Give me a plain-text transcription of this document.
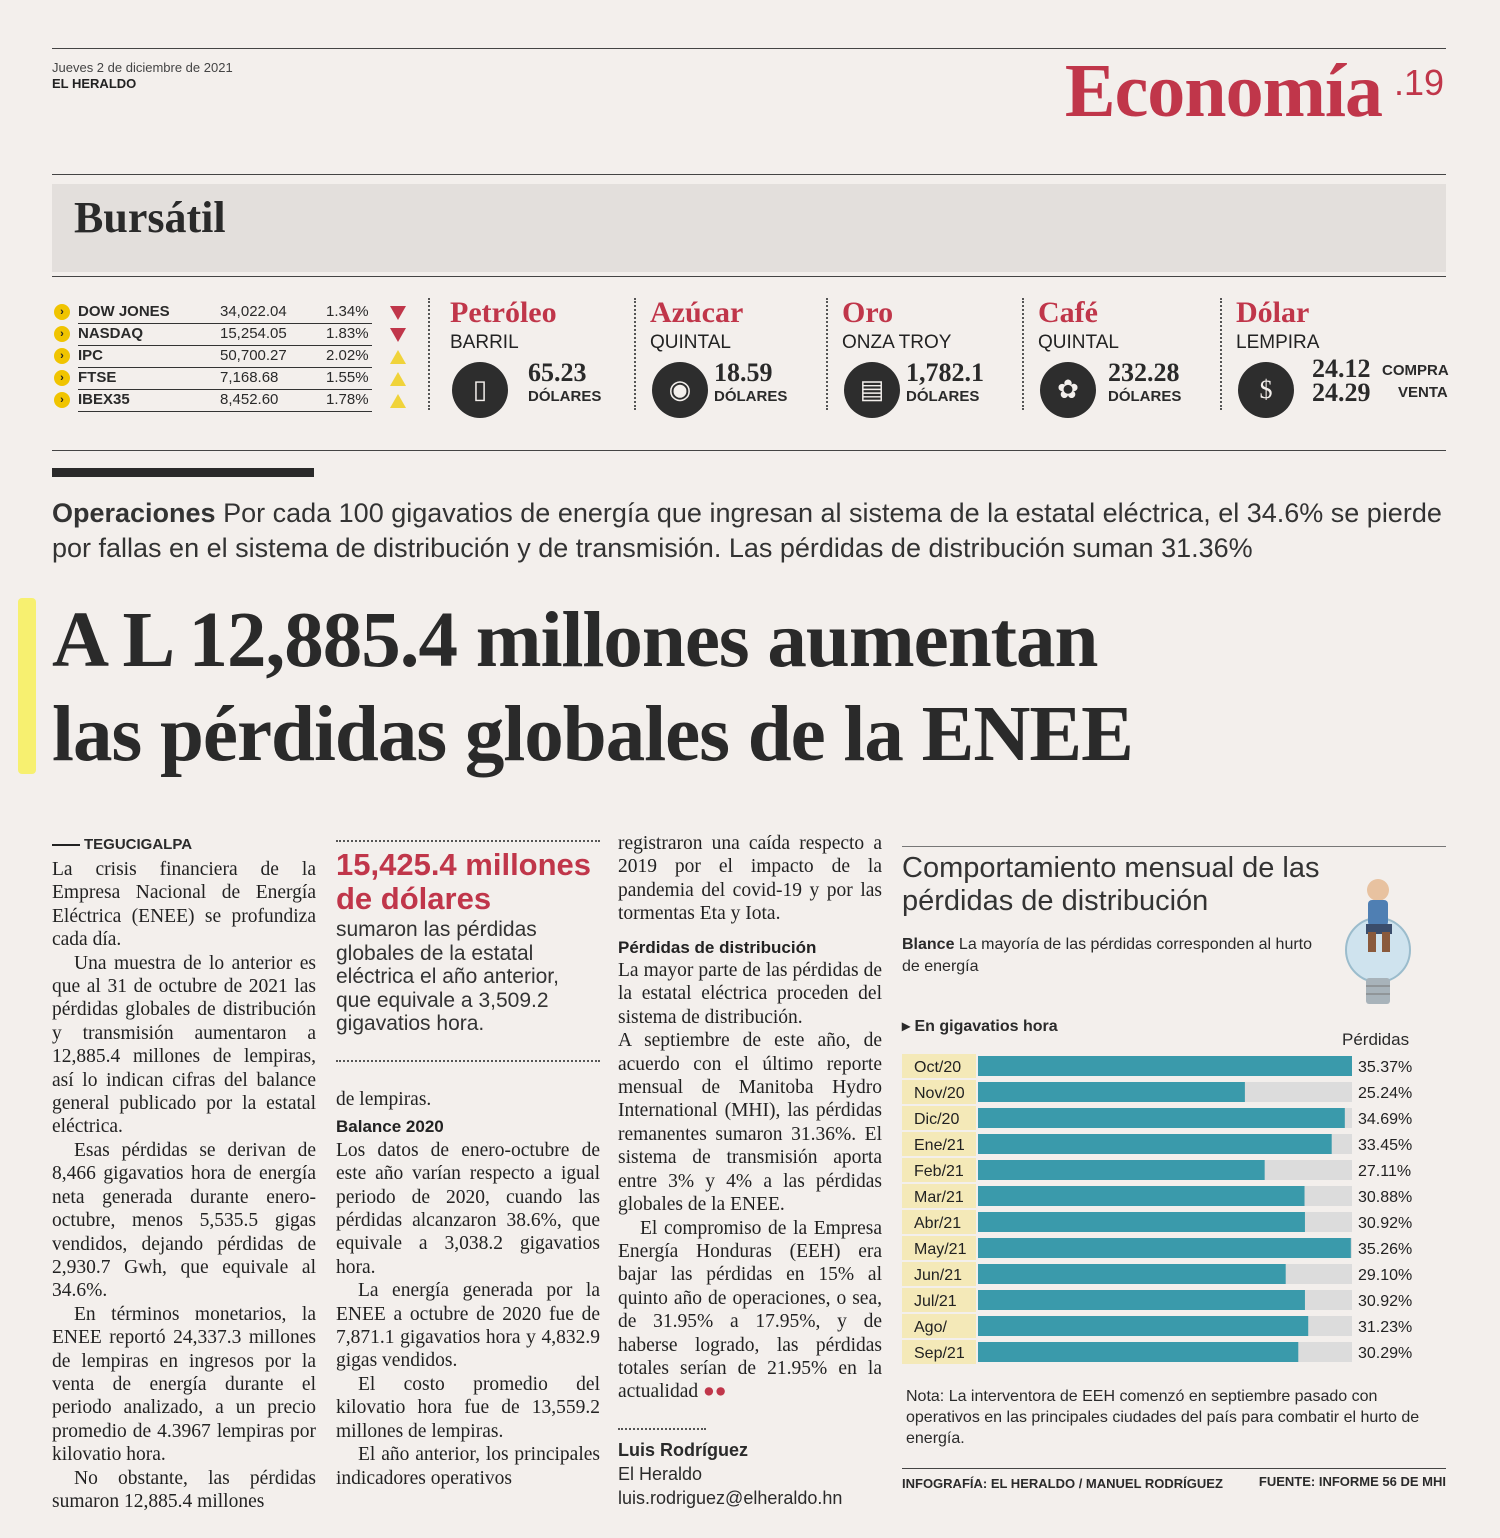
Jueves 2 de diciembre de 2021
EL HERALDO	Economía .19
Bursátil
› DOW JONES	34,022.04	1.34%
› NASDAQ	15,254.05	1.83%
› IPC	50,700.27	2.02%
› FTSE	7,168.68	1.55%
› IBEX35	8,452.60	1.78%
Petróleo
BARRIL
▯
65.23
DÓLARES
Azúcar
QUINTAL
◉
18.59
DÓLARES
Oro
ONZA TROY
▤
1,782.1
DÓLARES
Café
QUINTAL
✿
232.28
DÓLARES
Dólar
LEMPIRA
$
24.12 COMPRA
24.29 VENTA
Operaciones Por cada 100 gigavatios de energía que ingresan al sistema de la estatal eléctrica, el 34.6% se pierde por fallas en el sistema de distribución y de transmisión. Las pérdidas de distribución suman 31.36%
A L 12,885.4 millones aumentan
las pérdidas globales de la ENEE
TEGUCIGALPA

La crisis financiera de la Empresa Nacional de Energía Eléctrica (ENEE) se profundiza cada día.

Una muestra de lo anterior es que al 31 de octubre de 2021 las pérdidas globales de distribución y transmisión aumentaron a 12,885.4 millones de lempiras, así lo indican cifras del balance general publicado por la estatal eléctrica.

Esas pérdidas se derivan de 8,466 gigavatios hora de energía neta generada durante enero-octubre, menos 5,535.5 gigas vendidos, dejando pérdidas de 2,930.7 Gwh, que equivale al 34.6%.

En términos monetarios, la ENEE reportó 24,337.3 millones de lempiras en ingresos por la venta de energía durante el periodo analizado, a un precio promedio de 4.3967 lempiras por kilovatio hora.

No obstante, las pérdidas sumaron 12,885.4 millones

15,425.4 millones de dólares
sumaron las pérdidas globales de la estatal eléctrica el año anterior, que equivale a 3,509.2 gigavatios hora.

de lempiras.

Balance 2020

Los datos de enero-octubre de este año varían respecto a igual periodo de 2020, cuando las pérdidas alcanzaron 38.6%, que equivale a 3,038.2 gigavatios hora.

La energía generada por la ENEE a octubre de 2020 fue de 7,871.1 gigavatios hora y 4,832.9 gigas vendidos.

El costo promedio del kilovatio hora fue de 13,559.2 millones de lempiras.

El año anterior, los principales indicadores operativos

registraron una caída respecto a 2019 por el impacto de la pandemia del covid-19 y por las tormentas Eta y Iota.

Pérdidas de distribución

La mayor parte de las pérdidas de la estatal eléctrica proceden del sistema de distribución.

A septiembre de este año, de acuerdo con el último reporte mensual de Manitoba Hydro International (MHI), las pérdidas remanentes sumaron 31.36%. El sistema de transmisión aporta entre 3% y 4% a las pérdidas globales de la ENEE.

El compromiso de la Empresa Energía Honduras (EEH) era bajar las pérdidas en 15% al quinto año de operaciones, o sea, de 31.95% a 17.95%, y de haberse logrado, las pérdidas totales serían de 21.95% en la actualidad ●●

Luis Rodríguez
El Heraldo
luis.rodriguez@elheraldo.hn
Comportamiento mensual de las pérdidas de distribución
Blance La mayoría de las pérdidas corresponden al hurto de energía
▸ En gigavatios hora
Pérdidas
Oct/20	35.37%
Nov/20	25.24%
Dic/20	34.69%
Ene/21	33.45%
Feb/21	27.11%
Mar/21	30.88%
Abr/21	30.92%
May/21	35.26%
Jun/21	29.10%
Jul/21	30.92%
Ago/	31.23%
Sep/21	30.29%
Nota: La interventora de EEH comenzó en septiembre pasado con operativos en las principales ciudades del país para combatir el hurto de energía.
INFOGRAFÍA: EL HERALDO / MANUEL RODRÍGUEZ	FUENTE: INFORME 56 DE MHI
